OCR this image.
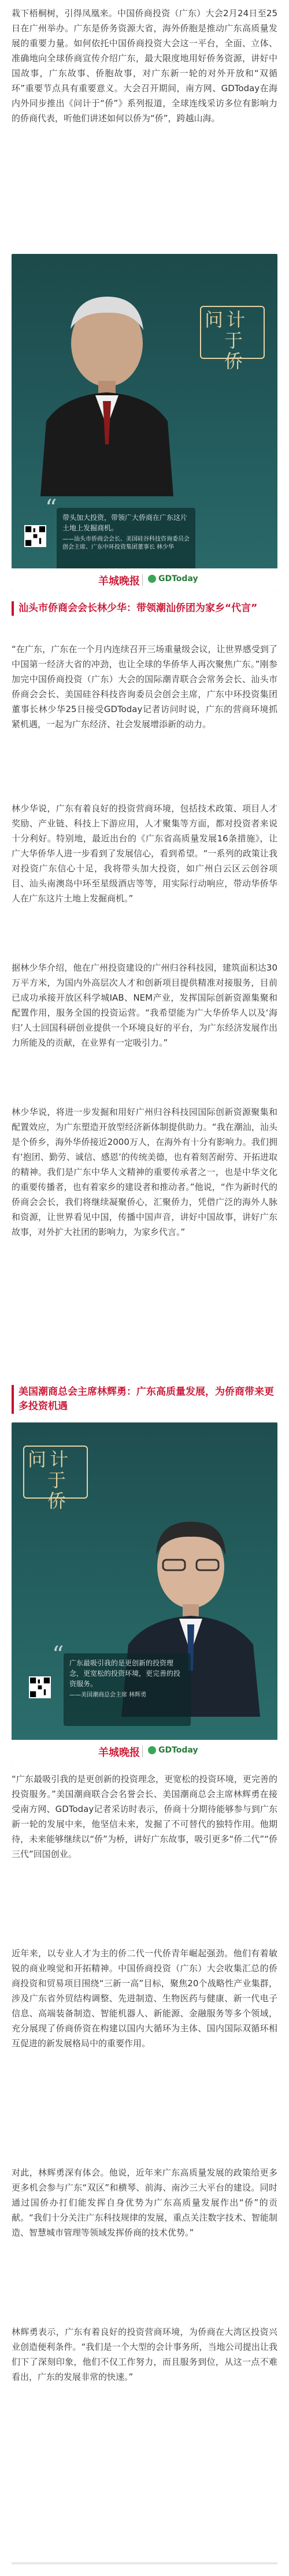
栽下梧桐树，引得凤凰来。中国侨商投资（广东）大会2月24日至25日在广州举办。广东是侨务资源大省，海外侨胞是推动广东高质量发展的重要力量。如何依托中国侨商投资大会这一平台，全面、立体、准确地向全球侨商宣传介绍广东，最大限度地用好侨务资源，讲好中国故事，广东故事、侨胞故事，对广东新一轮的对外开放和“双循环”重要节点具有重要意义。大会召开期间，南方网、GDToday在海内外同步推出《问计于“侨”》系列报道，全球连线采访多位有影响力的侨商代表，听他们讲述如何以侨为“侨”，跨越山海。

问计
于侨
“ 带头加大投资，带领广大侨商在广东这片土地上发掘商机。
——汕头市侨商会会长、美国硅谷科技咨询委员会创会主席、广东中环投资集团董事长 林少华
羊城晚报	GDToday

汕头市侨商会会长林少华：带领潮汕侨团为家乡“代言”

“在广东，广东在一个月内连续召开三场重量级会议，让世界感受到了中国第一经济大省的冲劲，也让全球的华侨华人再次聚焦广东。”刚参加完中国侨商投资（广东）大会的国际潮青联合会常务会长、汕头市侨商会会长、美国硅谷科技咨询委员会创会主席，广东中环投资集团董事长林少华25日接受GDToday记者访问时说，广东的营商环境抓紧机遇，一起为广东经济、社会发展增添新的动力。

林少华说，广东有着良好的投资营商环境，包括技术政策、项目人才奖励、产业链、科技上下游应用，人才聚集等方面，都对投资者来说十分利好。特别地，最近出台的《广东省高质量发展16条措施》，让广大华侨华人进一步看到了发展信心，看到希望。“一系列的政策让我对投资广东信心十足，我将带头加大投资，如广州白云区云创谷项目、汕头南澳岛中环至星级酒店等等，用实际行动响应，带动华侨华人在广东这片土地上发掘商机。”

据林少华介绍，他在广州投资建设的广州归谷科技园，建筑面积达30万平方米，为国内外高层次人才和创新项目提供精准对接服务，目前已成功承接开放区科学城IAB、NEM产业，发挥国际创新资源集聚和配置作用，服务全国的投资运营。“我希望能为广大华侨华人以及‘海归’人士回国科研创业提供一个环境良好的平台，为广东经济发展作出力所能及的贡献，在业界有一定吸引力。”

林少华说，将进一步发掘和用好广州归谷科技园国际创新资源聚集和配置效应，为广东塑造开放型经济新体制提供助力。“我在潮汕，汕头是个侨乡，海外华侨接近2000万人，在海外有十分有影响力。我们拥有‘抱团、勤劳、诚信、感恩’的传统美德，也有着刻苦耐劳、开拓进取的精神。我们是广东中华人文精神的重要传承者之一，也是中华文化的重要传播者，也有着家乡的建设者和推动者。”他说，“作为新时代的侨商会会长，我们将继续凝聚侨心，汇聚侨力，凭借广泛的海外人脉和资源，让世界看见中国，传播中国声音，讲好中国故事，讲好广东故事，对外扩大社团的影响力，为家乡代言。”

美国潮商总会主席林辉勇：广东高质量发展，为侨商带来更多投资机遇

问计
于侨
“ 广东最吸引我的是更创新的投资理念，更宽松的投资环境，更完善的投资服务。
——美国潮商总会主席 林辉勇
羊城晚报	GDToday

“广东最吸引我的是更创新的投资理念，更宽松的投资环境，更完善的投资服务。”美国潮商联合会名誉会长、美国潮商总会主席林辉勇在接受南方网、GDToday记者采访时表示，侨商十分期待能够参与到广东新一轮的发展中来，他坚信未来，发掘了不可替代的独特作用。他期待，未来能够继续以“侨”为桥，讲好广东故事，吸引更多“侨二代”“侨三代”回国创业。

近年来，以专业人才为主的侨二代一代侨青年崛起强劲。他们有着敏锐的商业嗅觉和开拓精神。中国侨商投资（广东）大会收集汇总的侨商投资和贸易项目围绕“三新一高”目标，聚焦20个战略性产业集群，涉及广东省外贸结构调整、先进制造、生物医药与健康、新一代电子信息、高端装备制造、智能机器人、新能源、金融服务等多个领域，充分展现了侨商侨资在构建以国内大循环为主体、国内国际双循环相互促进的新发展格局中的重要作用。

对此，林辉勇深有体会。他说，近年来广东高质量发展的政策给更多更多机会参与广东“双区”和横琴、前海、南沙三大平台的建设。同时通过国侨办打们能发挥自身优势为广东高质量发展作出“侨”的贡献。“我们十分关注广东科技规律的发展，重点关注数字技术、智能制造、智慧城市管理等领域发挥侨商的技术优势。”

林辉勇表示，广东有着良好的投资营商环境，为侨商在大湾区投资兴业创造便利条件。“我们是一个大型的会计事务所，当地公司提出让我们下了深刻印象，他们不仅工作努力，而且服务到位，从这一点不难看出，广东的发展非常的快速。”
